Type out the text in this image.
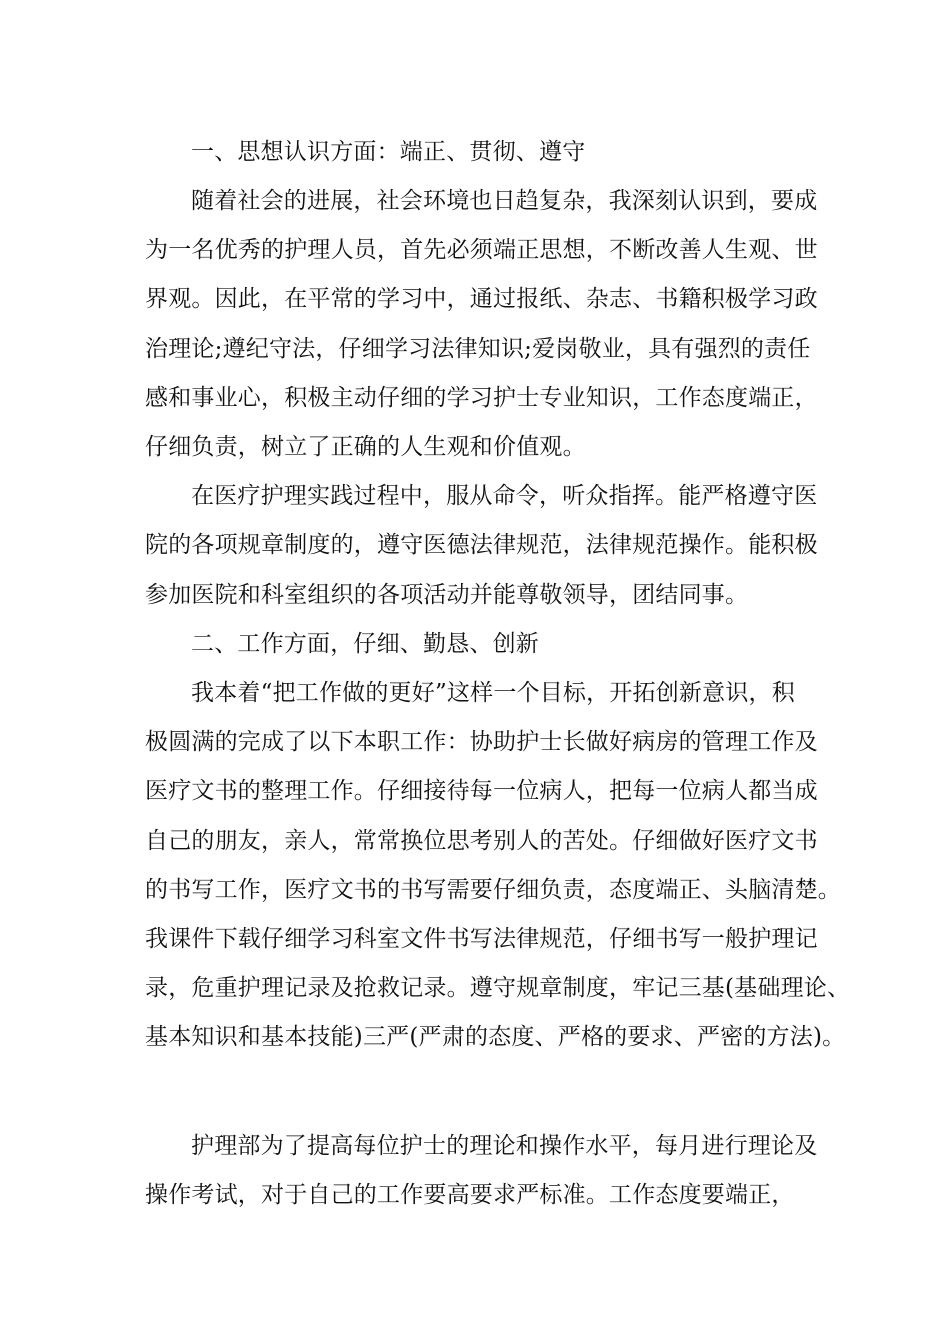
一、思想认识方面：端正、贯彻、遵守
随着社会的进展，社会环境也日趋复杂，我深刻认识到，要成
为一名优秀的护理人员，首先必须端正思想，不断改善人生观、世
界观。因此，在平常的学习中，通过报纸、杂志、书籍积极学习政
治理论;遵纪守法，仔细学习法律知识;爱岗敬业，具有强烈的责任
感和事业心，积极主动仔细的学习护士专业知识，工作态度端正，
仔细负责，树立了正确的人生观和价值观。
在医疗护理实践过程中，服从命令，听众指挥。能严格遵守医
院的各项规章制度的，遵守医德法律规范，法律规范操作。能积极
参加医院和科室组织的各项活动并能尊敬领导，团结同事。
二、工作方面，仔细、勤恳、创新
我本着“把工作做的更好”这样一个目标，开拓创新意识，积
极圆满的完成了以下本职工作：协助护士长做好病房的管理工作及
医疗文书的整理工作。仔细接待每一位病人，把每一位病人都当成
自己的朋友，亲人，常常换位思考别人的苦处。仔细做好医疗文书
的书写工作，医疗文书的书写需要仔细负责，态度端正、头脑清楚。
我课件下载仔细学习科室文件书写法律规范，仔细书写一般护理记
录，危重护理记录及抢救记录。遵守规章制度，牢记三基(基础理论、
基本知识和基本技能)三严(严肃的态度、严格的要求、严密的方法)。
护理部为了提高每位护士的理论和操作水平，每月进行理论及
操作考试，对于自己的工作要高要求严标准。工作态度要端正，
